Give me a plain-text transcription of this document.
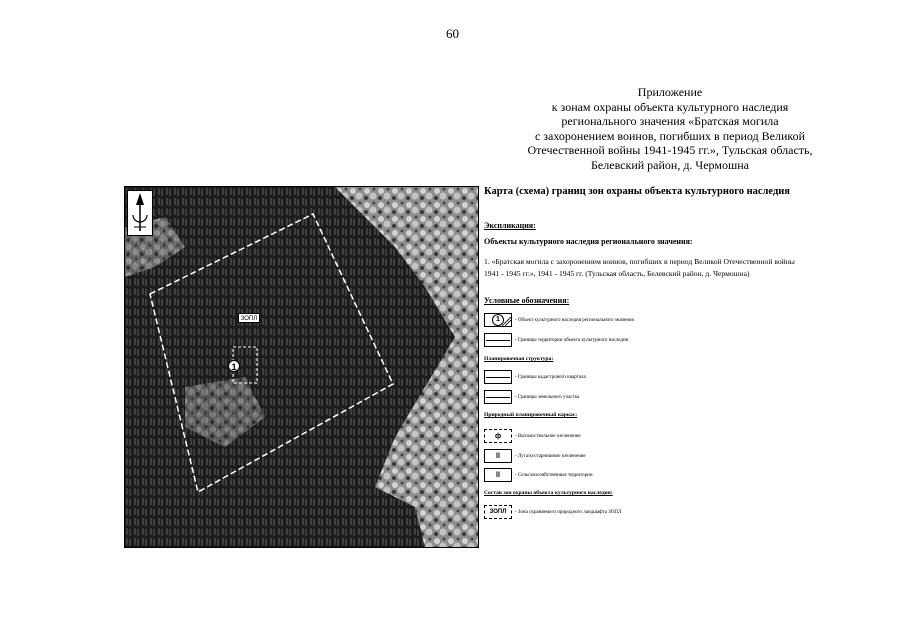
60
Приложение
к зонам охраны объекта культурного наследия
регионального значения «Братская могила
с захоронением воинов, погибших в период Великой
Отечественной войны 1941-1945 гг.», Тульская область,
Белевский район, д. Чермошна
ЗОПЛ
1
Карта (схема) границ зон охраны объекта культурного наследия
Экспликация:
Объекты культурного наследия регионального значения:
1. «Братская могила с захоронением воинов, погибших в период Великой Отечественной войны 1941 - 1945 гг.», 1941 - 1945 гг. (Тульская область, Белевский район, д. Чермошна)
Условные обозначения:
1	- Объект культурного наследия регионального значения
- Границы территории объекта культурного наследия
Планировочная структура:
- Границы кадастрового квартала
- Границы земельного участка
Природный планировочный каркас:
ф	- Высокоствольное озеленение
ll	- Луга/кустарниковое озеленение
ll	- Сельскохозяйственные территории
Состав зон охраны объекта культурного наследия:
ЗОПЛ	- Зона охраняемого природного ландшафта ЗОПЛ
